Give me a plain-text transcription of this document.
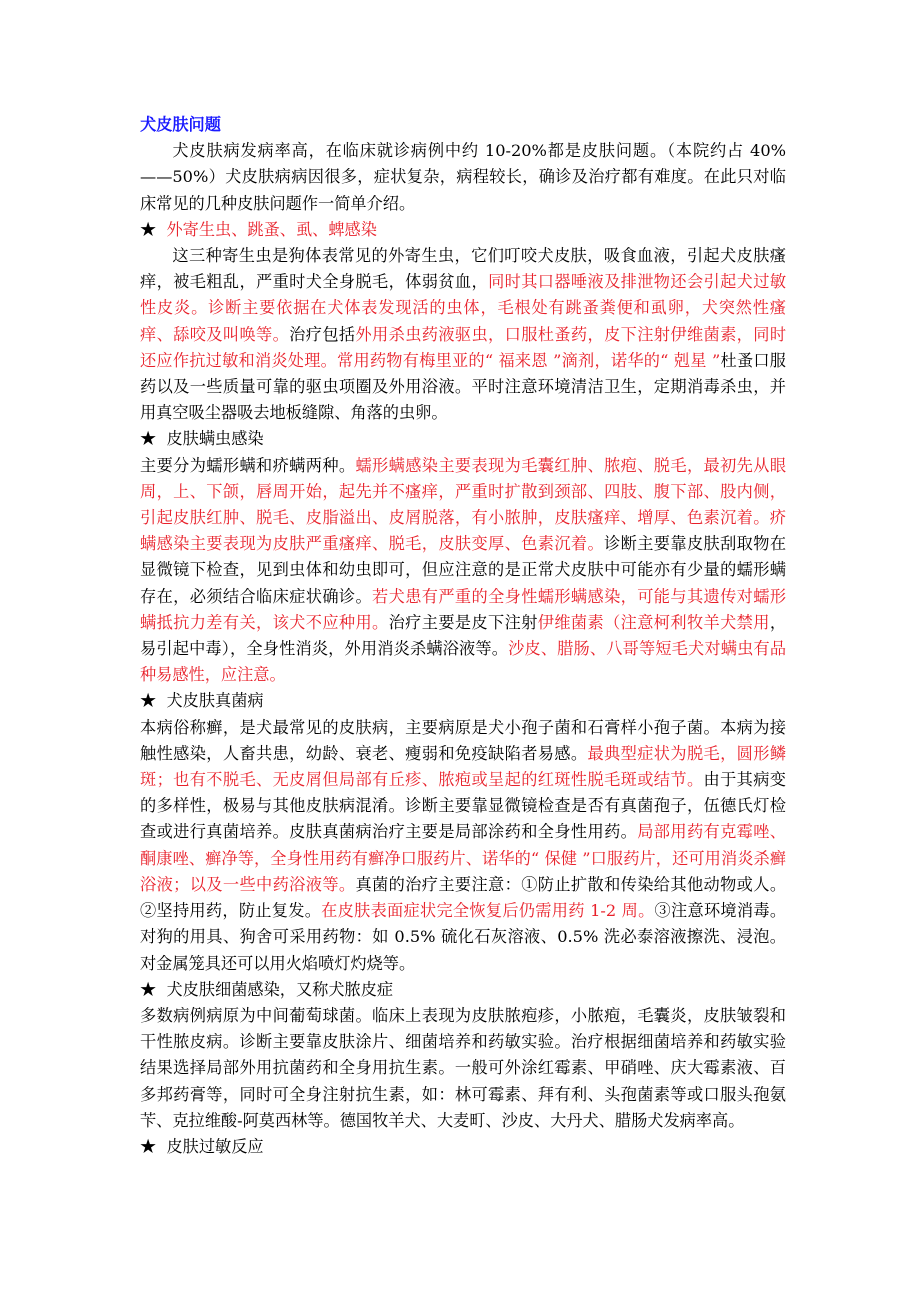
犬皮肤问题

犬皮肤病发病率高，在临床就诊病例中约 10-20%都是皮肤问题。（本院约占 40%——50%）犬皮肤病病因很多，症状复杂，病程较长，确诊及治疗都有难度。在此只对临床常见的几种皮肤问题作一简单介绍。

★ 外寄生虫、跳蚤、虱、蜱感染

这三种寄生虫是狗体表常见的外寄生虫，它们叮咬犬皮肤，吸食血液，引起犬皮肤瘙痒，被毛粗乱，严重时犬全身脱毛，体弱贫血，同时其口器唾液及排泄物还会引起犬过敏性皮炎。诊断主要依据在犬体表发现活的虫体，毛根处有跳蚤粪便和虱卵，犬突然性瘙痒、舔咬及叫唤等。治疗包括外用杀虫药液驱虫，口服杜蚤药，皮下注射伊维菌素，同时 还应作抗过敏和消炎处理。常用药物有梅里亚的“ 福来恩 ”滴剂，诺华的“ 剋星 ”杜蚤口服药以及一些质量可靠的驱虫项圈及外用浴液。平时注意环境清洁卫生，定期消毒杀虫，并用真空吸尘器吸去地板缝隙、角落的虫卵。

★ 皮肤螨虫感染

主要分为蠕形螨和疥螨两种。蠕形螨感染主要表现为毛囊红肿、脓疱、脱毛，最初先从眼周，上、下颌，唇周开始，起先并不瘙痒，严重时扩散到颈部、四肢、腹下部、股内侧，引起皮肤红肿、脱毛、皮脂溢出、皮屑脱落，有小脓肿，皮肤瘙痒、增厚、色素沉着。疥螨感染主要表现为皮肤严重瘙痒、脱毛，皮肤变厚、色素沉着。诊断主要靠皮肤刮取物在显微镜下检查，见到虫体和幼虫即可，但应注意的是正常犬皮肤中可能亦有少量的蠕形螨存在，必须结合临床症状确诊。若犬患有严重的全身性蠕形螨感染，可能与其遗传对蠕形螨抵抗力差有关，该犬不应种用。治疗主要是皮下注射伊维菌素（注意柯利牧羊犬禁用，易引起中毒），全身性消炎，外用消炎杀螨浴液等。沙皮、腊肠、八哥等短毛犬对螨虫有品种易感性，应注意。

★ 犬皮肤真菌病

本病俗称癣，是犬最常见的皮肤病，主要病原是犬小孢子菌和石膏样小孢子菌。本病为接触性感染，人畜共患，幼龄、衰老、瘦弱和免疫缺陷者易感。最典型症状为脱毛，圆形鳞斑；也有不脱毛、无皮屑但局部有丘疹、脓疱或呈起的红斑性脱毛斑或结节。由于其病变的多样性，极易与其他皮肤病混淆。诊断主要靠显微镜检查是否有真菌孢子，伍德氏灯检查或进行真菌培养。皮肤真菌病治疗主要是局部涂药和全身性用药。局部用药有克霉唑、酮康唑、癣净等，全身性用药有癣净口服药片、诺华的“ 保健 ”口服药片，还可用消炎杀癣浴液；以及一些中药浴液等。真菌的治疗主要注意：①防止扩散和传染给其他动物或人。②坚持用药，防止复发。在皮肤表面症状完全恢复后仍需用药 1-2 周。③注意环境消毒。对狗的用具、狗舍可采用药物：如 0.5% 硫化石灰溶液、0.5% 洗必泰溶液擦洗、浸泡。对金属笼具还可以用火焰喷灯灼烧等。

★ 犬皮肤细菌感染，又称犬脓皮症

多数病例病原为中间葡萄球菌。临床上表现为皮肤脓疱疹，小脓疱，毛囊炎，皮肤皱裂和干性脓皮病。诊断主要靠皮肤涂片、细菌培养和药敏实验。治疗根据细菌培养和药敏实验结果选择局部外用抗菌药和全身用抗生素。一般可外涂红霉素、甲硝唑、庆大霉素液、百多邦药膏等，同时可全身注射抗生素，如：林可霉素、拜有利、头孢菌素等或口服头孢氨苄、克拉维酸-阿莫西林等。德国牧羊犬、大麦町、沙皮、大丹犬、腊肠犬发病率高。

★ 皮肤过敏反应
